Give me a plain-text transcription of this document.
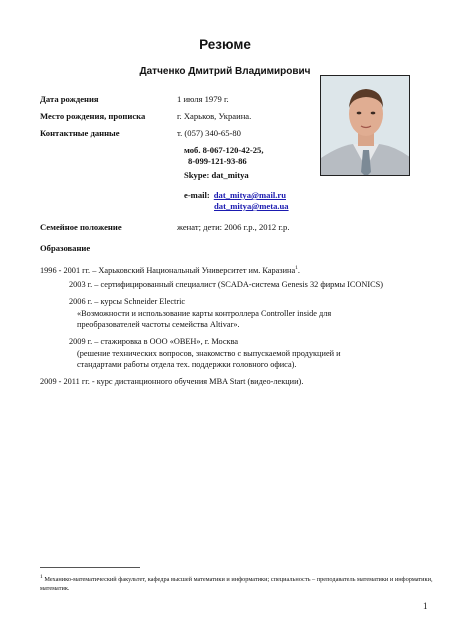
Резюме
Датченко Дмитрий Владимирович
Дата рождения	1 июля 1979 г.
Место рождения, прописка	г. Харьков, Украина.
Контактные данные	т. (057) 340-65-80
моб. 8-067-120-42-25,
8-099-121-93-86
Skype: dat_mitya
e-mail: dat_mitya@mail.ru
dat_mitya@meta.ua
Семейное положение	женат; дети: 2006 г.р., 2012 г.р.
Образование
1996 - 2001 гг. – Харьковский Национальный Университет им. Каразина$^1$.
2003 г. – сертифицированный специалист (SCADA-система Genesis 32 фирмы ICONICS)
2006 г. – курсы Schneider Electric
«Возможности и использование карты контроллера Controller inside для
преобразователей частоты семейства Altivar».
2009 г. – стажировка в ООО «ОВЕН», г. Москва
(решение технических вопросов, знакомство с выпускаемой продукцией и
стандартами работы отдела тех. поддержки головного офиса).
2009 - 2011 гг. - курс дистанционного обучения MBA Start (видео-лекции).
$^1$ Механико-математический факультет, кафедра высшей математики и информатики; специальность – преподаватель математики и информатики, математик.
1
